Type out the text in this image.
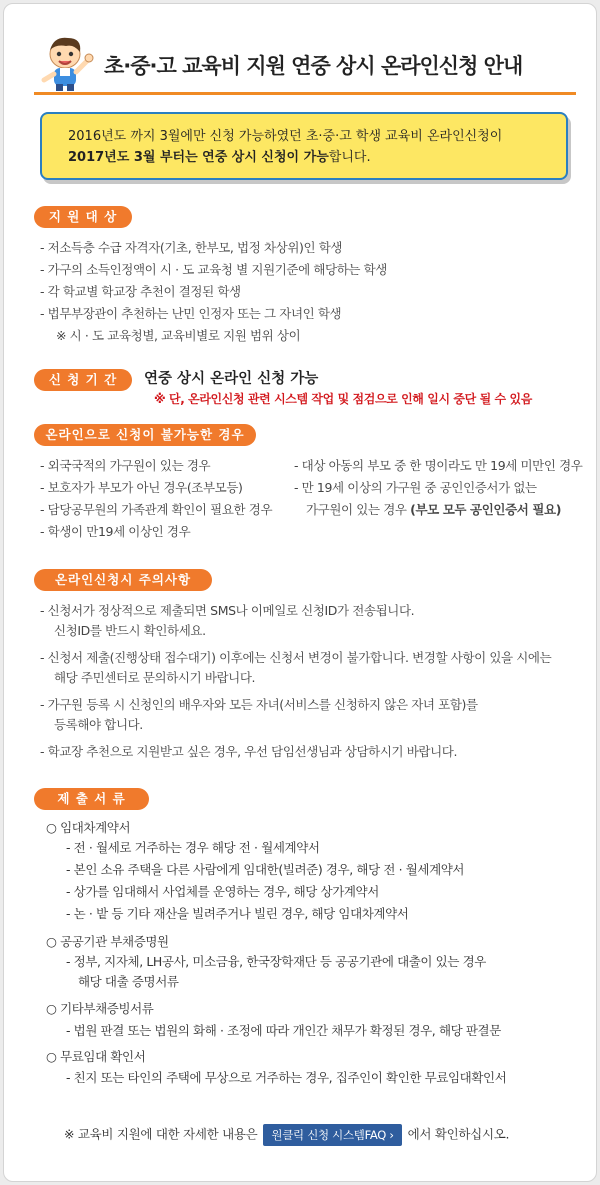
초·중·고 교육비 지원 연중 상시 온라인신청 안내
2016년도 까지 3월에만 신청 가능하였던 초·중·고 학생 교육비 온라인신청이
2017년도 3월 부터는 연중 상시 신청이 가능합니다.
지 원 대 상
- 저소득층 수급 자격자(기초, 한부모, 법정 차상위)인 학생
- 가구의 소득인정액이 시 · 도 교육청 별 지원기준에 해당하는 학생
- 각 학교별 학교장 추천이 결정된 학생
- 법무부장관이 추천하는 난민 인정자 또는 그 자녀인 학생
※ 시 · 도 교육청별, 교육비별로 지원 범위 상이
신 청 기 간	연중 상시 온라인 신청 가능
※ 단, 온라인신청 관련 시스템 작업 및 점검으로 인해 일시 중단 될 수 있음
온라인으로 신청이 불가능한 경우
- 외국국적의 가구원이 있는 경우
- 보호자가 부모가 아닌 경우(조부모등)
- 담당공무원의 가족관계 확인이 필요한 경우
- 학생이 만19세 이상인 경우
- 대상 아동의 부모 중 한 명이라도 만 19세 미만인 경우
- 만 19세 이상의 가구원 중 공인인증서가 없는
가구원이 있는 경우 (부모 모두 공인인증서 필요)
온라인신청시 주의사항
- 신청서가 정상적으로 제출되면 SMS나 이메일로 신청ID가 전송됩니다.
신청ID를 반드시 확인하세요.
- 신청서 제출(진행상태 접수대기) 이후에는 신청서 변경이 불가합니다. 변경할 사항이 있을 시에는
해당 주민센터로 문의하시기 바랍니다.
- 가구원 등록 시 신청인의 배우자와 모든 자녀(서비스를 신청하지 않은 자녀 포함)를
등록해야 합니다.
- 학교장 추천으로 지원받고 싶은 경우, 우선 담임선생님과 상담하시기 바랍니다.
제 출 서 류
○ 임대차계약서
- 전 · 월세로 거주하는 경우 해당 전 · 월세계약서
- 본인 소유 주택을 다른 사람에게 임대한(빌려준) 경우, 해당 전 · 월세계약서
- 상가를 임대해서 사업체를 운영하는 경우, 해당 상가계약서
- 논 · 밭 등 기타 재산을 빌려주거나 빌린 경우, 해당 임대차계약서
○ 공공기관 부채증명원
- 정부, 지자체, LH공사, 미소금융, 한국장학재단 등 공공기관에 대출이 있는 경우
해당 대출 증명서류
○ 기타부채증빙서류
- 법원 판결 또는 법원의 화해 · 조정에 따라 개인간 채무가 확정된 경우, 해당 판결문
○ 무료임대 확인서
- 친지 또는 타인의 주택에 무상으로 거주하는 경우, 집주인이 확인한 무료임대확인서
※ 교육비 지원에 대한 자세한 내용은 원클릭 신청 시스템FAQ › 에서 확인하십시오.
